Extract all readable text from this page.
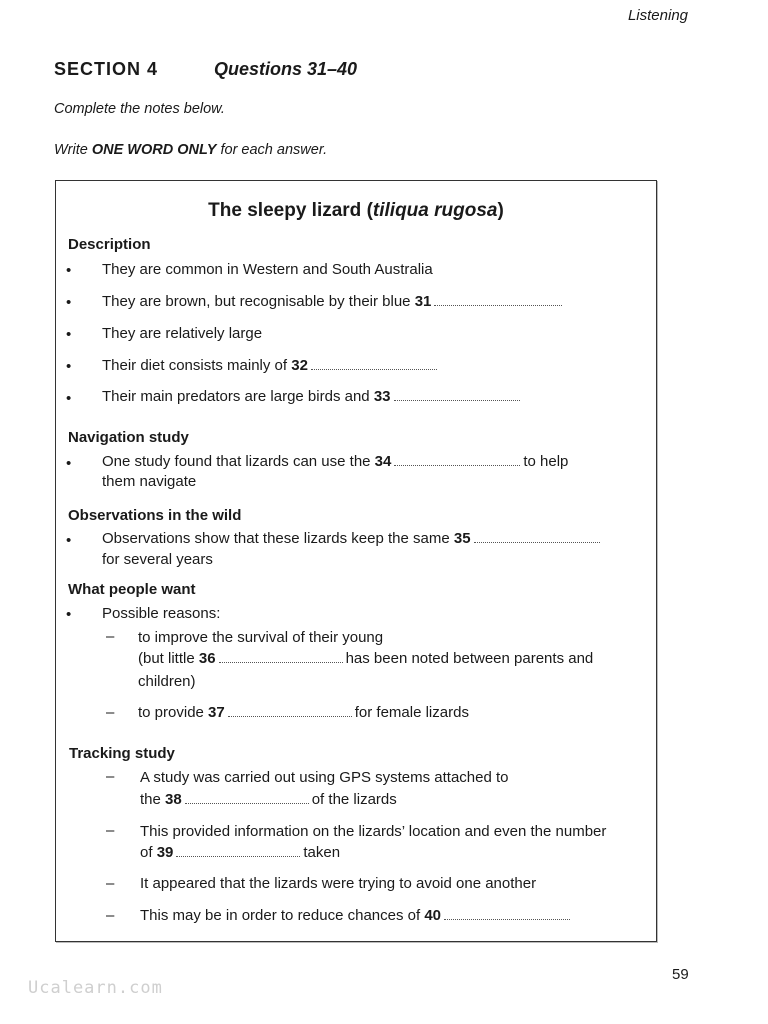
Listening
SECTION 4	Questions 31–40
Complete the notes below.
Write ONE WORD ONLY for each answer.
The sleepy lizard (tiliqua rugosa)
Description
• They are common in Western and South Australia
• They are brown, but recognisable by their blue 31
• They are relatively large
• Their diet consists mainly of 32
• Their main predators are large birds and 33
Navigation study
• One study found that lizards can use the 34	to help
them navigate
Observations in the wild
• Observations show that these lizards keep the same 35
for several years
What people want
• Possible reasons:
– to improve the survival of their young
(but little 36	has been noted between parents and
children)
– to provide 37	for female lizards
Tracking study
– A study was carried out using GPS systems attached to
the 38	of the lizards
– This provided information on the lizards’ location and even the number
of 39	taken
– It appeared that the lizards were trying to avoid one another
– This may be in order to reduce chances of 40
59
Ucalearn.com
